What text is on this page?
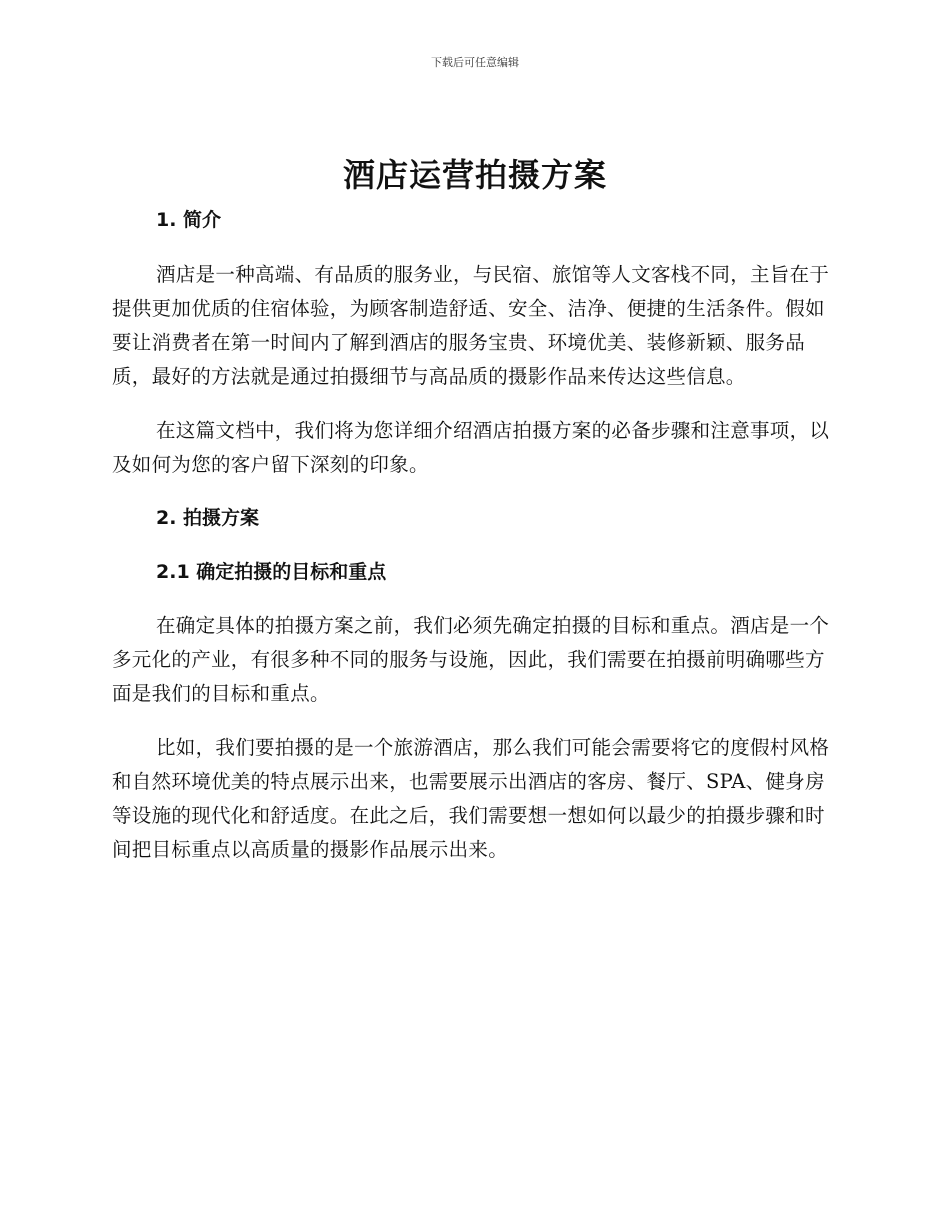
下载后可任意编辑
酒店运营拍摄方案
1. 简介

酒店是一种高端、有品质的服务业，与民宿、旅馆等人文客栈不同，主旨在于提供更加优质的住宿体验，为顾客制造舒适、安全、洁净、便捷的生活条件。假如要让消费者在第一时间内了解到酒店的服务宝贵、环境优美、装修新颖、服务品质，最好的方法就是通过拍摄细节与高品质的摄影作品来传达这些信息。

在这篇文档中，我们将为您详细介绍酒店拍摄方案的必备步骤和注意事项，以及如何为您的客户留下深刻的印象。

2. 拍摄方案
2.1 确定拍摄的目标和重点

在确定具体的拍摄方案之前，我们必须先确定拍摄的目标和重点。酒店是一个多元化的产业，有很多种不同的服务与设施，因此，我们需要在拍摄前明确哪些方面是我们的目标和重点。

比如，我们要拍摄的是一个旅游酒店，那么我们可能会需要将它的度假村风格和自然环境优美的特点展示出来，也需要展示出酒店的客房、餐厅、SPA、健身房等设施的现代化和舒适度。在此之后，我们需要想一想如何以最少的拍摄步骤和时间把目标重点以高质量的摄影作品展示出来。
